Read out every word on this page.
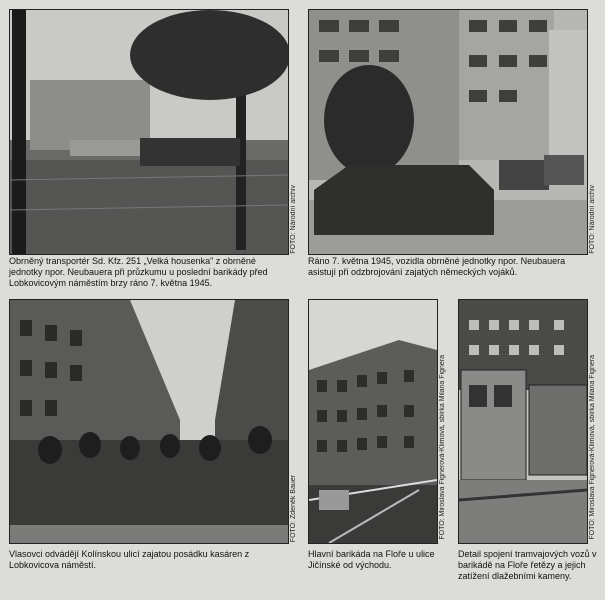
FOTO: Národní archiv
Obrněný transportér Sd. Kfz. 251 „Velká housenka" z obrněné jednotky npor. Neubauera při průzkumu u poslední barikády před Lobkovicovým náměstím brzy ráno 7. května 1945.
FOTO: Národní archiv
Ráno 7. května 1945, vozidla obrněné jednotky npor. Neubauera asistují při odzbrojování zajatých německých vojáků.
FOTO: Zdeněk Bauer
Vlasovci odvádějí Kolínskou ulicí zajatou posádku kasáren z Lobkovicova náměstí.
FOTO: Miroslava Fignerová-Klimová, sbírka Milana Fignera
Hlavní barikáda na Floře u ulice Jičínské od východu.
FOTO: Miroslava Fignerová-Klimová, sbírka Milana Fignera
Detail spojení tramvajových vozů v barikádě na Floře řetězy a jejich zatížení dlažebními kameny.
